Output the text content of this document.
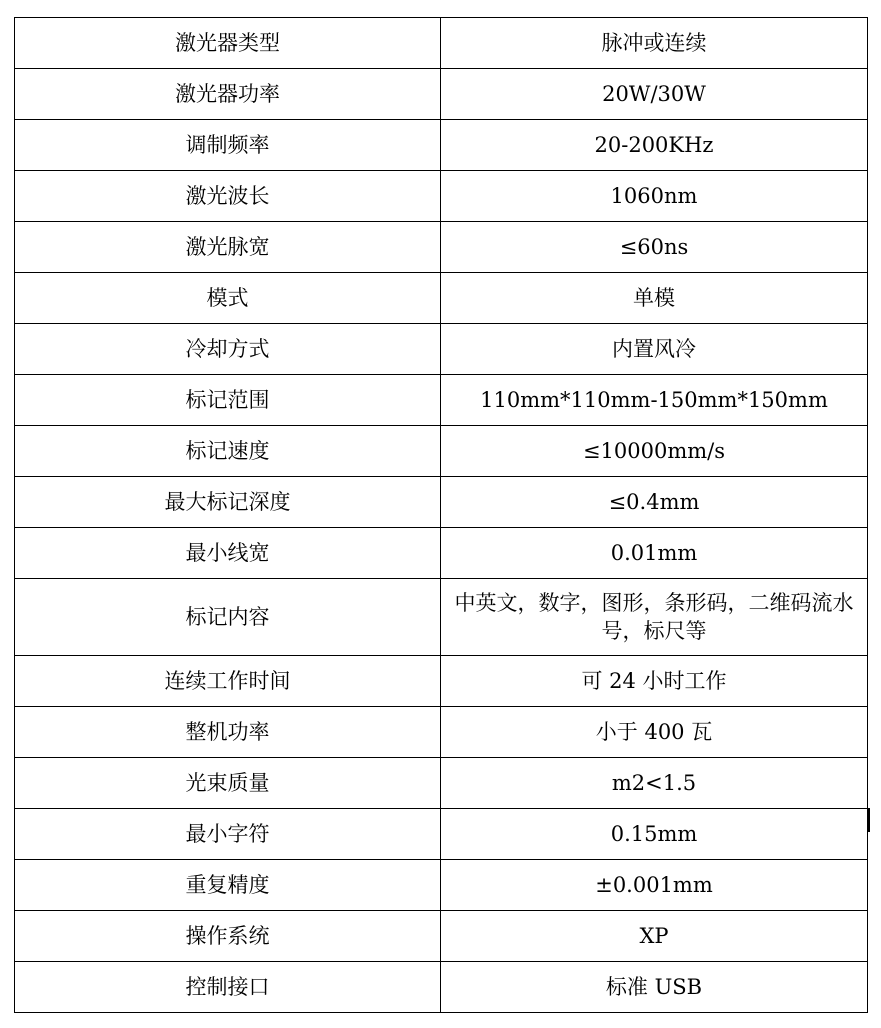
激光器类型	脉冲或连续
激光器功率	20W/30W
调制频率	20-200KHz
激光波长	1060nm
激光脉宽	≤60ns
模式	单模
冷却方式	内置风冷
标记范围	110mm*110mm-150mm*150mm
标记速度	≤10000mm/s
最大标记深度	≤0.4mm
最小线宽	0.01mm
标记内容	中英文，数字，图形，条形码，二维码流水号，标尺等
连续工作时间	可 24 小时工作
整机功率	小于 400 瓦
光束质量	m2<1.5
最小字符	0.15mm
重复精度	±0.001mm
操作系统	XP
控制接口	标准 USB
